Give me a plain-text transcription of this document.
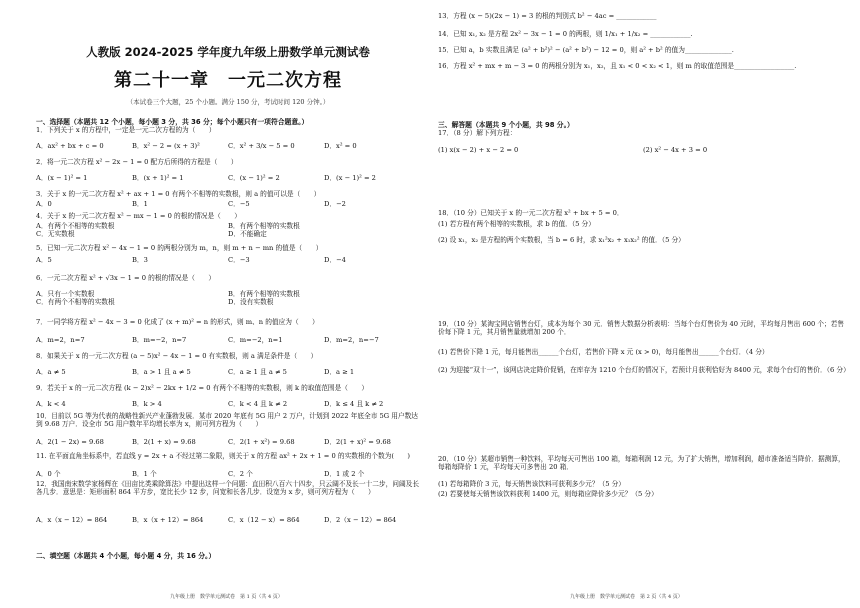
人教版 2024-2025 学年度九年级上册数学单元测试卷
第二十一章　一元二次方程
（本试卷三个大题，25 个小题。满分 150 分，考试时间 120 分钟。）
一、选择题（本题共 12 个小题，每小题 3 分，共 36 分；每个小题只有一项符合题意。）
1．下列关于 x 的方程中，一定是一元二次方程的为（　　）
A．ax² + bx + c = 0	B．x² − 2 = (x + 3)²	C．x² + 3/x − 5 = 0	D．x² = 0
2．将一元二次方程 x² − 2x − 1 = 0 配方后所得的方程是（　　）
A．(x − 1)² = 1	B．(x + 1)² = 1	C．(x − 1)² = 2	D．(x − 1)² = 2
3．关于 x 的一元二次方程 x² + ax + 1 = 0 有两个不相等的实数根，则 a 的值可以是（　　）
A．0	B．1	C．−5	D．−2
4．关于 x 的一元二次方程 x² − mx − 1 = 0 的根的情况是（　　）
A．有两个不相等的实数根	B．有两个相等的实数根
C．无实数根	D．不能确定
5．已知一元二次方程 x² − 4x − 1 = 0 的两根分别为 m，n，则 m + n − mn 的值是（　　）
A．5	B．3	C．−3	D．−4
6．一元二次方程 x² + √3x − 1 = 0 的根的情况是（　　）
A．只有一个实数根	B．有两个相等的实数根
C．有两个不相等的实数根	D．没有实数根
7．一同学将方程 x² − 4x − 3 = 0 化成了 (x + m)² = n 的形式，则 m、n 的值应为（　　）
A．m=2，n=7	B．m=−2，n=7	C．m=−2，n=1	D．m=2，n=−7
8．如果关于 x 的一元二次方程 (a − 5)x² − 4x − 1 = 0 有实数根，则 a 满足条件是（　　）
A．a ≠ 5	B．a > 1 且 a ≠ 5	C．a ≥ 1 且 a ≠ 5	D．a ≥ 1
9．若关于 x 的一元二次方程 (k − 2)x² − 2kx + 1/2 = 0 有两个不相等的实数根，则 k 的取值范围是（　　）
A．k < 4	B．k > 4	C．k < 4 且 k ≠ 2	D．k ≤ 4 且 k ≠ 2
10．目前以 5G 等为代表的战略性新兴产业蓬勃发展．某市 2020 年底有 5G 用户 2 万户，计划到 2022 年底全市 5G 用户数达到 9.68 万户．设全市 5G 用户数年平均增长率为 x，则可列方程为（　　）
A．2(1 − 2x) = 9.68	B．2(1 + x) = 9.68	C．2(1 + x²) = 9.68	D．2(1 + x)² = 9.68
11. 在平面直角坐标系中，若直线 y = 2x + a 不经过第二象限，则关于 x 的方程 ax² + 2x + 1 = 0 的实数根的个数为(　　)
A．0 个	B．1 个	C．2 个	D．1 或 2 个
12．我国南宋数学家杨辉在《田亩比类乘除算法》中提出这样一个问题：直田积八百六十四步，只云阔不及长一十二步，问阔及长各几步．意思是：矩形面积 864 平方步，宽比长少 12 步，问宽和长各几步．设宽为 x 步，则可列方程为（　　）
A．x（x − 12）= 864	B．x（x + 12）= 864	C．x（12 − x）= 864	D．2（x − 12）= 864
二、填空题（本题共 4 个小题，每小题 4 分，共 16 分。）
九年级上册　数学单元测试卷　第 1 页（共 4 页）
13．方程 (x − 5)(2x − 1) = 3 的根的判别式 b² − 4ac = ____________
14．已知 x₁, x₂ 是方程 2x² − 3x − 1 = 0 的两根，则 1/x₁ + 1/x₂ = ____________.
15．已知 a，b 实数且满足 (a² + b²)² − (a² + b²) − 12 = 0，则 a² + b² 的值为______________.
16．方程 x² + mx + m − 3 = 0 的两根分别为 x₁，x₂，且 x₁ < 0 < x₂ < 1，则 m 的取值范围是__________________.
三、解答题（本题共 9 个小题，共 98 分。）
17．（8 分）解下列方程：
(1) x(x − 2) + x − 2 = 0	(2) x² − 4x + 3 = 0
18．（10 分）已知关于 x 的一元二次方程 x² + bx + 5 = 0．
(1) 若方程有两个相等的实数根，求 b 的值．（5 分）
(2) 设 x₁，x₂ 是方程的两个实数根，当 b = 6 时，求 x₁²x₂ + x₁x₂² 的值．（5 分）
19．（10 分）某淘宝网店销售台灯，成本为每个 30 元．销售大数据分析表明：当每个台灯售价为 40 元时，平均每月售出 600 个；若售价每下降 1 元，其月销售量就增加 200 个．
(1) 若售价下降 1 元，每月能售出______个台灯，若售价下降 x 元 (x > 0)，每月能售出______个台灯．（4 分）
(2) 为迎接“双十一”，该网店决定降价促销，在库存为 1210 个台灯的情况下，若预计月获利恰好为 8400 元，求每个台灯的售价．（6 分）
20．（10 分）某超市销售一种饮料，平均每天可售出 100 箱，每箱利润 12 元，为了扩大销售，增加利润，超市准备适当降价．据测算，每箱每降价 1 元，平均每天可多售出 20 箱．
(1) 若每箱降价 3 元，每天销售该饮料可获利多少元？（5 分）
(2) 若要使每天销售该饮料获利 1400 元，则每箱应降价多少元？（5 分）
九年级上册　数学单元测试卷　第 2 页（共 4 页）
